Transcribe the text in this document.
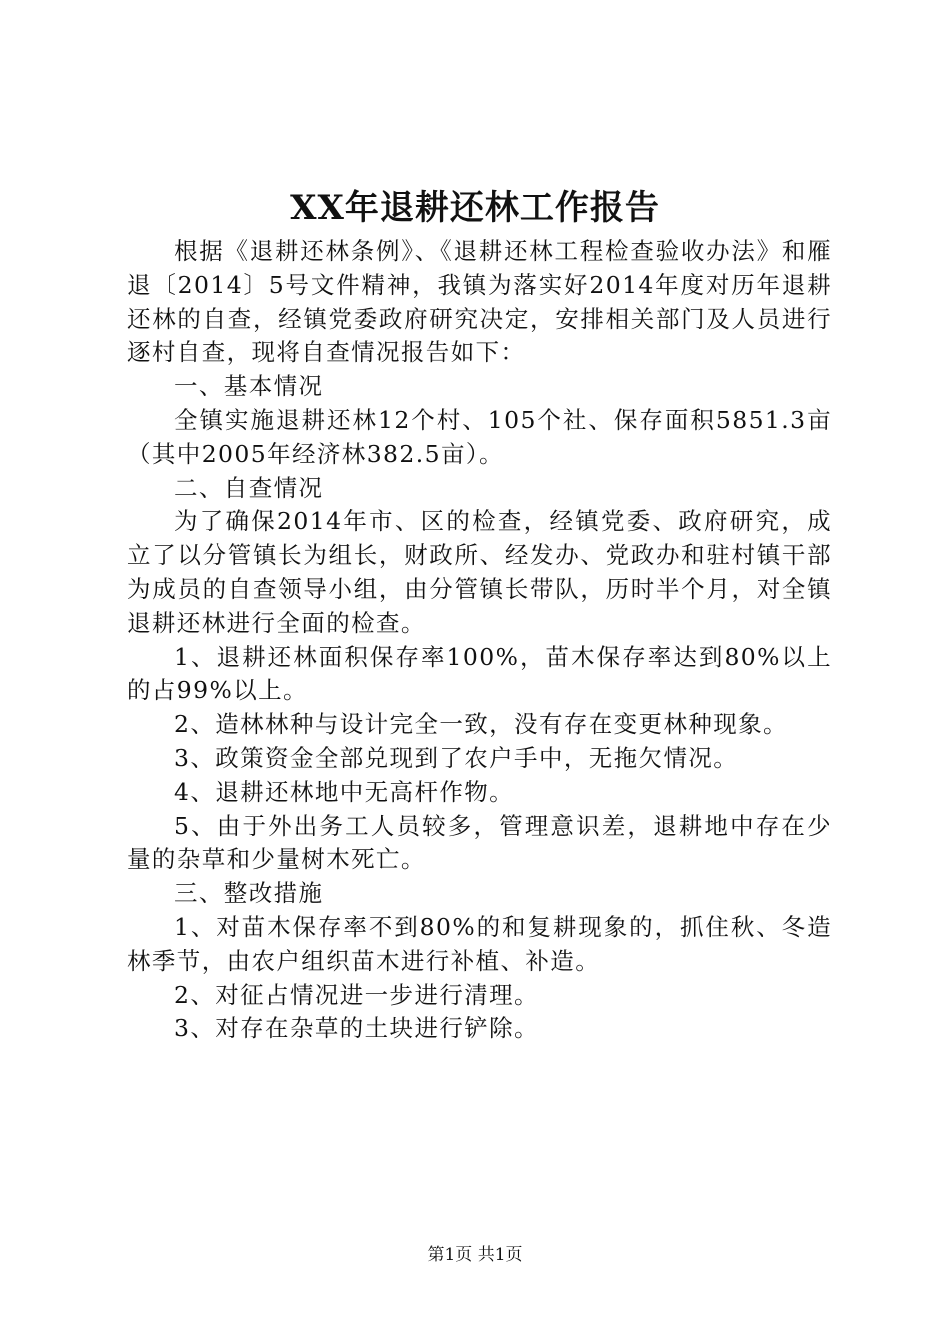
XX年退耕还林工作报告

根据《退耕还林条例》、《退耕还林工程检查验收办法》和雁退〔2014〕5号文件精神，我镇为落实好2014年度对历年退耕还林的自查，经镇党委政府研究决定，安排相关部门及人员进行逐村自查，现将自查情况报告如下：

一、基本情况

全镇实施退耕还林12个村、105个社、保存面积5851.3亩（其中2005年经济林382.5亩）。

二、自查情况

为了确保2014年市、区的检查，经镇党委、政府研究，成立了以分管镇长为组长，财政所、经发办、党政办和驻村镇干部为成员的自查领导小组，由分管镇长带队，历时半个月，对全镇退耕还林进行全面的检查。

1、退耕还林面积保存率100%，苗木保存率达到80%以上的占99%以上。

2、造林林种与设计完全一致，没有存在变更林种现象。

3、政策资金全部兑现到了农户手中，无拖欠情况。

4、退耕还林地中无高杆作物。

5、由于外出务工人员较多，管理意识差，退耕地中存在少量的杂草和少量树木死亡。

三、整改措施

1、对苗木保存率不到80%的和复耕现象的，抓住秋、冬造林季节，由农户组织苗木进行补植、补造。

2、对征占情况进一步进行清理。

3、对存在杂草的土块进行铲除。

第1页 共1页
